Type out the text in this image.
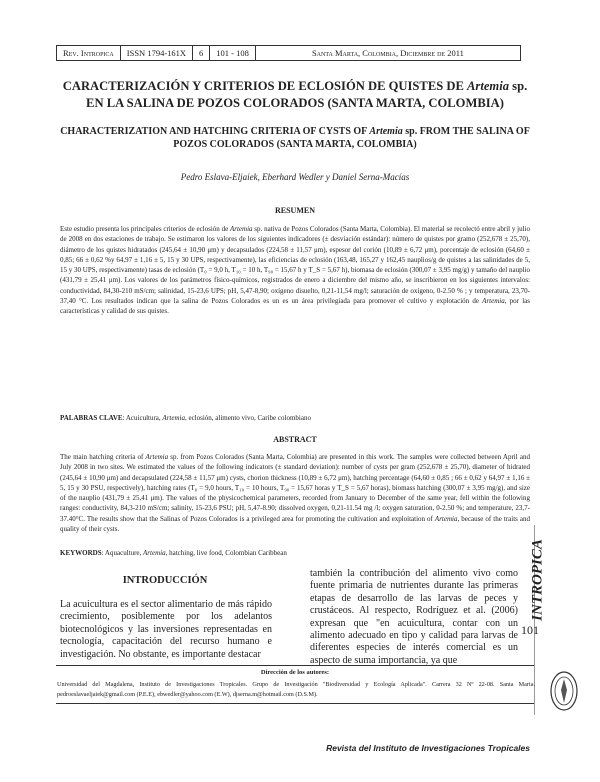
Rev. Intropica	ISSN 1794-161X	6	101 - 108	Santa Marta, Colombia, Diciembre de 2011
CARACTERIZACIÓN Y CRITERIOS DE ECLOSIÓN DE QUISTES DE Artemia sp. EN LA SALINA DE POZOS COLORADOS (SANTA MARTA, COLOMBIA)
CHARACTERIZATION AND HATCHING CRITERIA OF CYSTS OF Artemia sp. FROM THE SALINA OF POZOS COLORADOS (SANTA MARTA, COLOMBIA)
Pedro Eslava-Eljaiek, Eberhard Wedler y Daniel Serna-Macías
RESUMEN
Este estudio presenta los principales criterios de eclosión de Artemia sp. nativa de Pozos Colorados (Santa Marta, Colombia). El material se recolectó entre abril y julio de 2008 en dos estaciones de trabajo. Se estimaron los valores de los siguientes indicadores (± desviación estándar): número de quistes por gramo (252,678 ± 25,70), diámetro de los quistes hidratados (245,64 ± 10,90 μm) y decapsulados (224,58 ± 11,57 μm), espesor del corión (10,89 ± 6,72 μm), porcentaje de eclosión (64,60 ± 0,85; 66 ± 0,62 %y 64,97 ± 1,16 ± 5, 15 y 30 UPS, respectivamente), las eficiencias de eclosión (163,48, 165,27 y 162,45 nauplios/g de quistes a las salinidades de 5, 15 y 30 UPS, respectivamente) tasas de eclosión (T₀ = 9,0 h, T₁₀ = 10 h, T₉₀ = 15,67 h y T_S = 5,67 h), biomasa de eclosión (300,07 ± 3,95 mg/g) y tamaño del nauplio (431,79 ± 25,41 μm). Los valores de los parámetros físico-químicos, registrados de enero a diciembre del mismo año, se inscribieron en los siguientes intervalos: conductividad, 84,30-210 mS/cm; salinidad, 15-23,6 UPS; pH, 5,47-8,90; oxígeno disuelto, 0,21-11,54 mg/l; saturación de oxígeno, 0-2.50 % ; y temperatura, 23,70-37,40 °C. Los resultados indican que la salina de Pozos Colorados es un es un área privilegiada para promover el cultivo y explotación de Artemia, por las características y calidad de sus quistes.
PALABRAS CLAVE: Acuicultura, Artemia, eclosión, alimento vivo, Caribe colombiano
ABSTRACT
The main hatching criteria of Artemia sp. from Pozos Colorados (Santa Marta, Colombia) are presented in this work. The samples were collected between April and July 2008 in two sites. We estimated the values of the following indicators (± standard deviation): number of cysts per gram (252,678 ± 25,70), diameter of hidrated (245,64 ± 10,90 μm) and decapsulated (224,58 ± 11,57 μm) cysts, chorion thickness (10,89 ± 6,72 μm), hatching percentage (64,60 ± 0,85 ; 66 ± 0,62 y 64,97 ± 1,16 ± 5, 15 y 30 PSU, respectively), hatching rates (T₀ = 9,0 hours, T₁₀ = 10 hours, T₉₀ = 15,67 horas y T_S = 5,67 horas), biomass hatching (300,07 ± 3,95 mg/g), and size of the nauplio (431,79 ± 25,41 μm). The values of the physicochemical parameters, recorded from January to December of the same year, fell within the following ranges: conductivity, 84,3-210 mS/cm; salinity, 15-23,6 PSU; pH, 5,47-8.90; dissolved oxygen, 0,21-11.54 mg /l; oxygen saturation, 0-2.50 %; and temperature, 23,7-37.40°C. The results show that the Salinas of Pozos Colorados is a privileged area for promoting the cultivation and exploitation of Artemia, because of the traits and quality of their cysts.
KEYWORDS: Aquaculture, Artemia, hatching, live food, Colombian Caribbean
INTRODUCCIÓN
La acuicultura es el sector alimentario de más rápido crecimiento, posiblemente por los adelantos biotecnológicos y las inversiones representadas en tecnología, capacitación del recurso humano e investigación. No obstante, es importante destacar
también la contribución del alimento vivo como fuente primaria de nutrientes durante las primeras etapas de desarrollo de las larvas de peces y crustáceos. Al respecto, Rodríguez et al. (2006) expresan que "en acuicultura, contar con un alimento adecuado en tipo y calidad para larvas de diferentes especies de interés comercial es un aspecto de suma importancia, ya que
INTROPICA
101
Dirección de los autores:
Universidad del Magdalena, Instituto de Investigaciones Tropicales. Grupo de Investigación "Biodiversidad y Ecología Aplicada". Carrera 32 Nº 22-08. Santa Marta. pedroeslavaeljaiek@gmail.com (P.E.E), ebwedler@yahoo.com (E.W), djserna.m@hotmail.com (D.S.M).
Revista del Instituto de Investigaciones Tropicales
